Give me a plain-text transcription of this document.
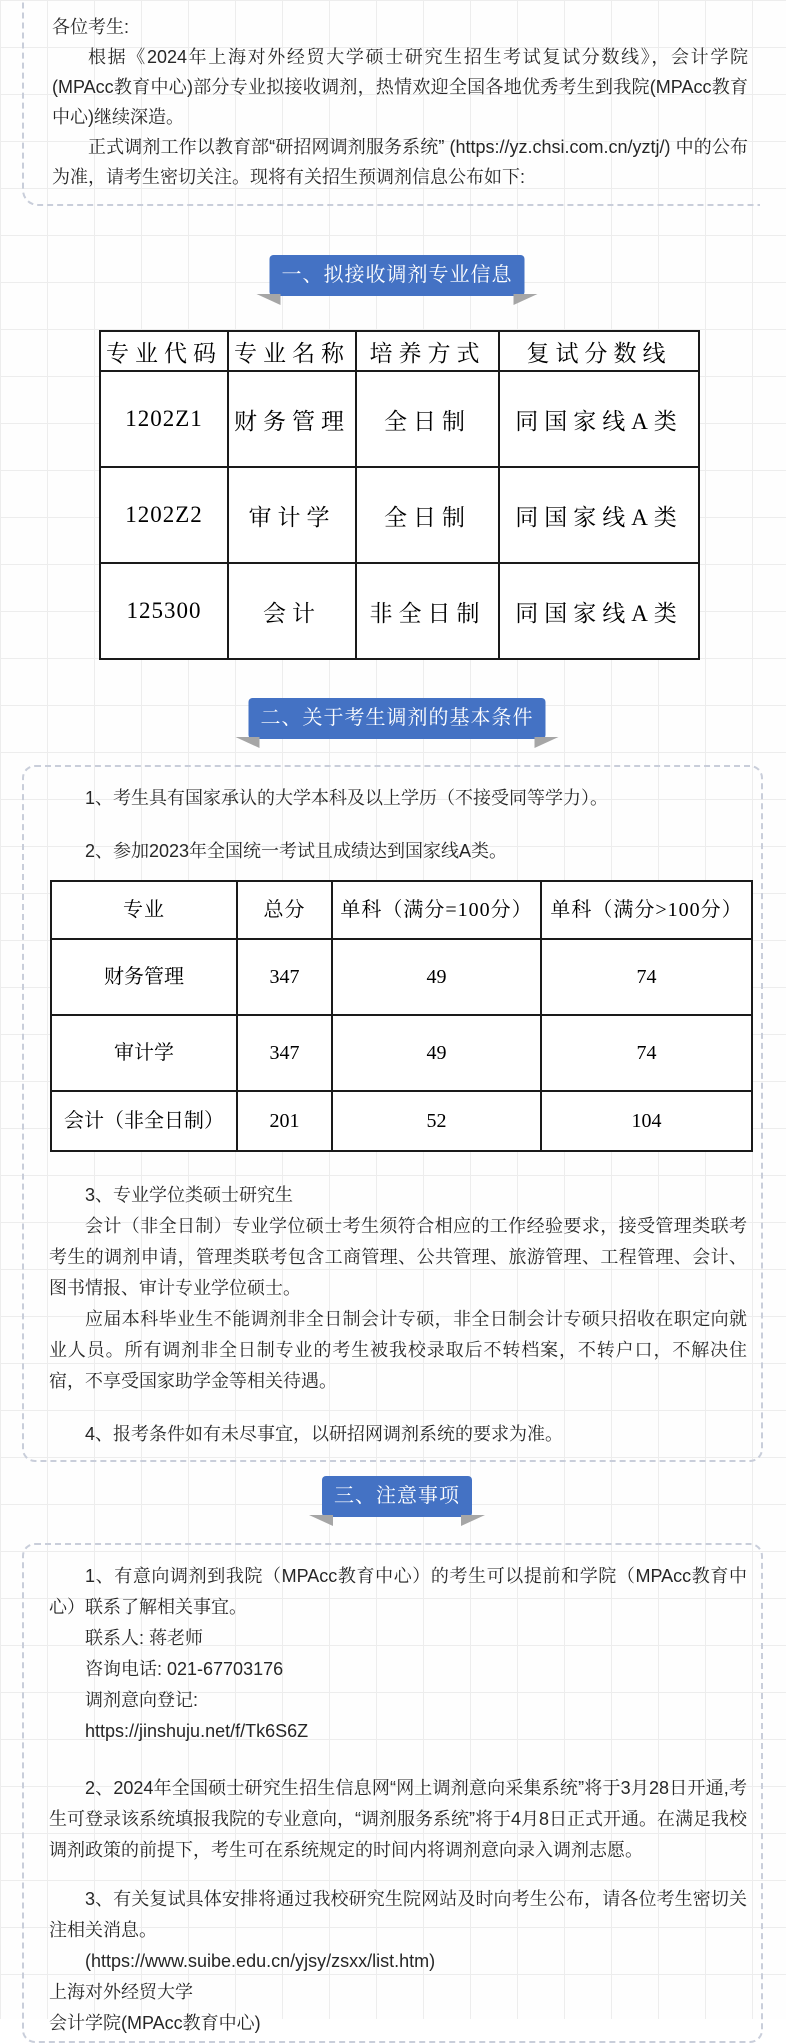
各位考生:

根据《2024年上海对外经贸大学硕士研究生招生考试复试分数线》，会计学院(MPAcc教育中心)部分专业拟接收调剂，热情欢迎全国各地优秀考生到我院(MPAcc教育中心)继续深造。

正式调剂工作以教育部“研招网调剂服务系统” (https://yz.chsi.com.cn/yztj/) 中的公布为准，请考生密切关注。现将有关招生预调剂信息公布如下:

一、拟接收调剂专业信息
专业代码	专业名称	培养方式	复试分数线
1202Z1	财务管理	全日制	同国家线A类
1202Z2	审计学	全日制	同国家线A类
125300	会计	非全日制	同国家线A类
二、关于考生调剂的基本条件

1、考生具有国家承认的大学本科及以上学历（不接受同等学力）。

2、参加2023年全国统一考试且成绩达到国家线A类。

专业	总分	单科（满分=100分）	单科（满分>100分）
财务管理	347	49	74
审计学	347	49	74
会计（非全日制）	201	52	104

3、专业学位类硕士研究生

会计（非全日制）专业学位硕士考生须符合相应的工作经验要求，接受管理类联考考生的调剂申请，管理类联考包含工商管理、公共管理、旅游管理、工程管理、会计、图书情报、审计专业学位硕士。

应届本科毕业生不能调剂非全日制会计专硕，非全日制会计专硕只招收在职定向就业人员。所有调剂非全日制专业的考生被我校录取后不转档案，不转户口，不解决住宿，不享受国家助学金等相关待遇。

4、报考条件如有未尽事宜，以研招网调剂系统的要求为准。

三、注意事项

1、有意向调剂到我院（MPAcc教育中心）的考生可以提前和学院（MPAcc教育中心）联系了解相关事宜。

联系人: 蒋老师

咨询电话: 021-67703176

调剂意向登记:

https://jinshuju.net/f/Tk6S6Z

2、2024年全国硕士研究生招生信息网“网上调剂意向采集系统”将于3月28日开通,考生可登录该系统填报我院的专业意向，“调剂服务系统”将于4月8日正式开通。在满足我校调剂政策的前提下，考生可在系统规定的时间内将调剂意向录入调剂志愿。

3、有关复试具体安排将通过我校研究生院网站及时向考生公布，请各位考生密切关注相关消息。

(https://www.suibe.edu.cn/yjsy/zsxx/list.htm)

上海对外经贸大学

会计学院(MPAcc教育中心)
